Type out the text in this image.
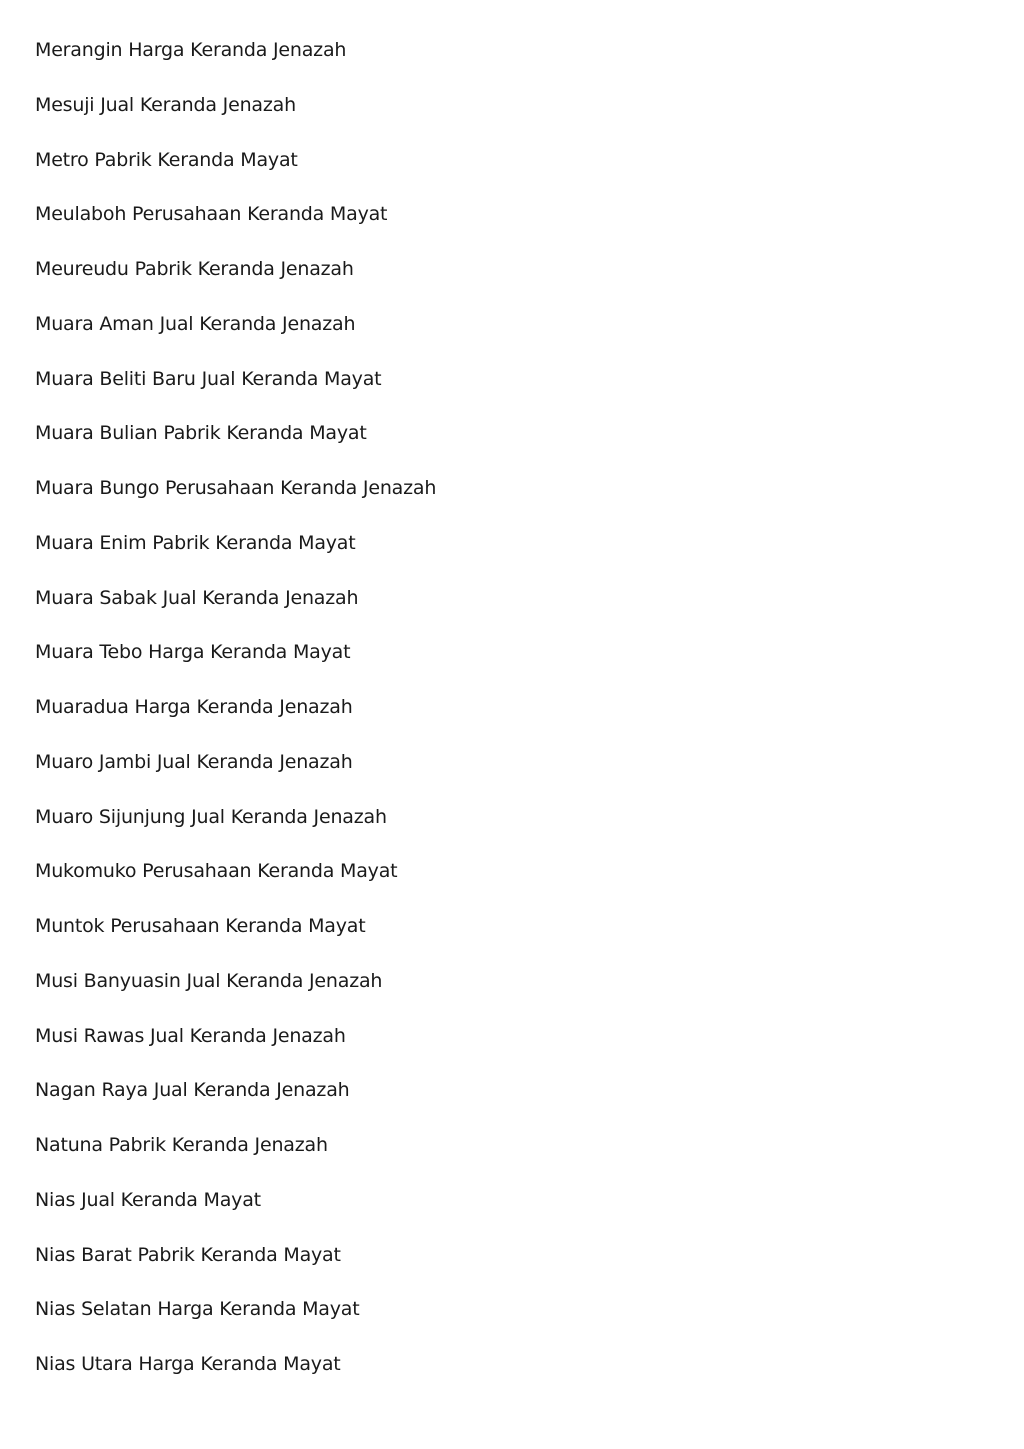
Merangin Harga Keranda Jenazah
Mesuji Jual Keranda Jenazah
Metro Pabrik Keranda Mayat
Meulaboh Perusahaan Keranda Mayat
Meureudu Pabrik Keranda Jenazah
Muara Aman Jual Keranda Jenazah
Muara Beliti Baru Jual Keranda Mayat
Muara Bulian Pabrik Keranda Mayat
Muara Bungo Perusahaan Keranda Jenazah
Muara Enim Pabrik Keranda Mayat
Muara Sabak Jual Keranda Jenazah
Muara Tebo Harga Keranda Mayat
Muaradua Harga Keranda Jenazah
Muaro Jambi Jual Keranda Jenazah
Muaro Sijunjung Jual Keranda Jenazah
Mukomuko Perusahaan Keranda Mayat
Muntok Perusahaan Keranda Mayat
Musi Banyuasin Jual Keranda Jenazah
Musi Rawas Jual Keranda Jenazah
Nagan Raya Jual Keranda Jenazah
Natuna Pabrik Keranda Jenazah
Nias Jual Keranda Mayat
Nias Barat Pabrik Keranda Mayat
Nias Selatan Harga Keranda Mayat
Nias Utara Harga Keranda Mayat
